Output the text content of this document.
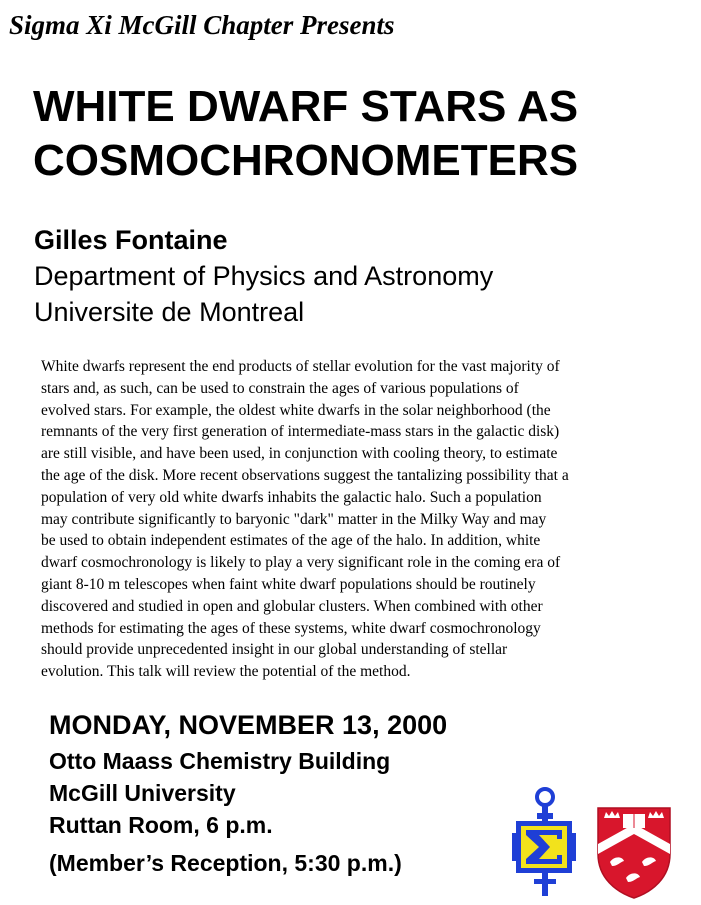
Sigma Xi McGill Chapter Presents
WHITE DWARF STARS AS
COSMOCHRONOMETERS
Gilles Fontaine
Department of Physics and Astronomy
Universite de Montreal
White dwarfs represent the end products of stellar evolution for the vast majority of
stars and, as such, can be used to constrain the ages of various populations of
evolved stars. For example, the oldest white dwarfs in the solar neighborhood (the
remnants of the very first generation of intermediate-mass stars in the galactic disk)
are still visible, and have been used, in conjunction with cooling theory, to estimate
the age of the disk. More recent observations suggest the tantalizing possibility that a
population of very old white dwarfs inhabits the galactic halo. Such a population
may contribute significantly to baryonic "dark" matter in the Milky Way and may
be used to obtain independent estimates of the age of the halo. In addition, white
dwarf cosmochronology is likely to play a very significant role in the coming era of
giant 8-10 m telescopes when faint white dwarf populations should be routinely
discovered and studied in open and globular clusters. When combined with other
methods for estimating the ages of these systems, white dwarf cosmochronology
should provide unprecedented insight in our global understanding of stellar
evolution. This talk will review the potential of the method.
MONDAY, NOVEMBER 13, 2000
Otto Maass Chemistry Building
McGill University
Ruttan Room, 6 p.m.
(Member’s Reception, 5:30 p.m.)
